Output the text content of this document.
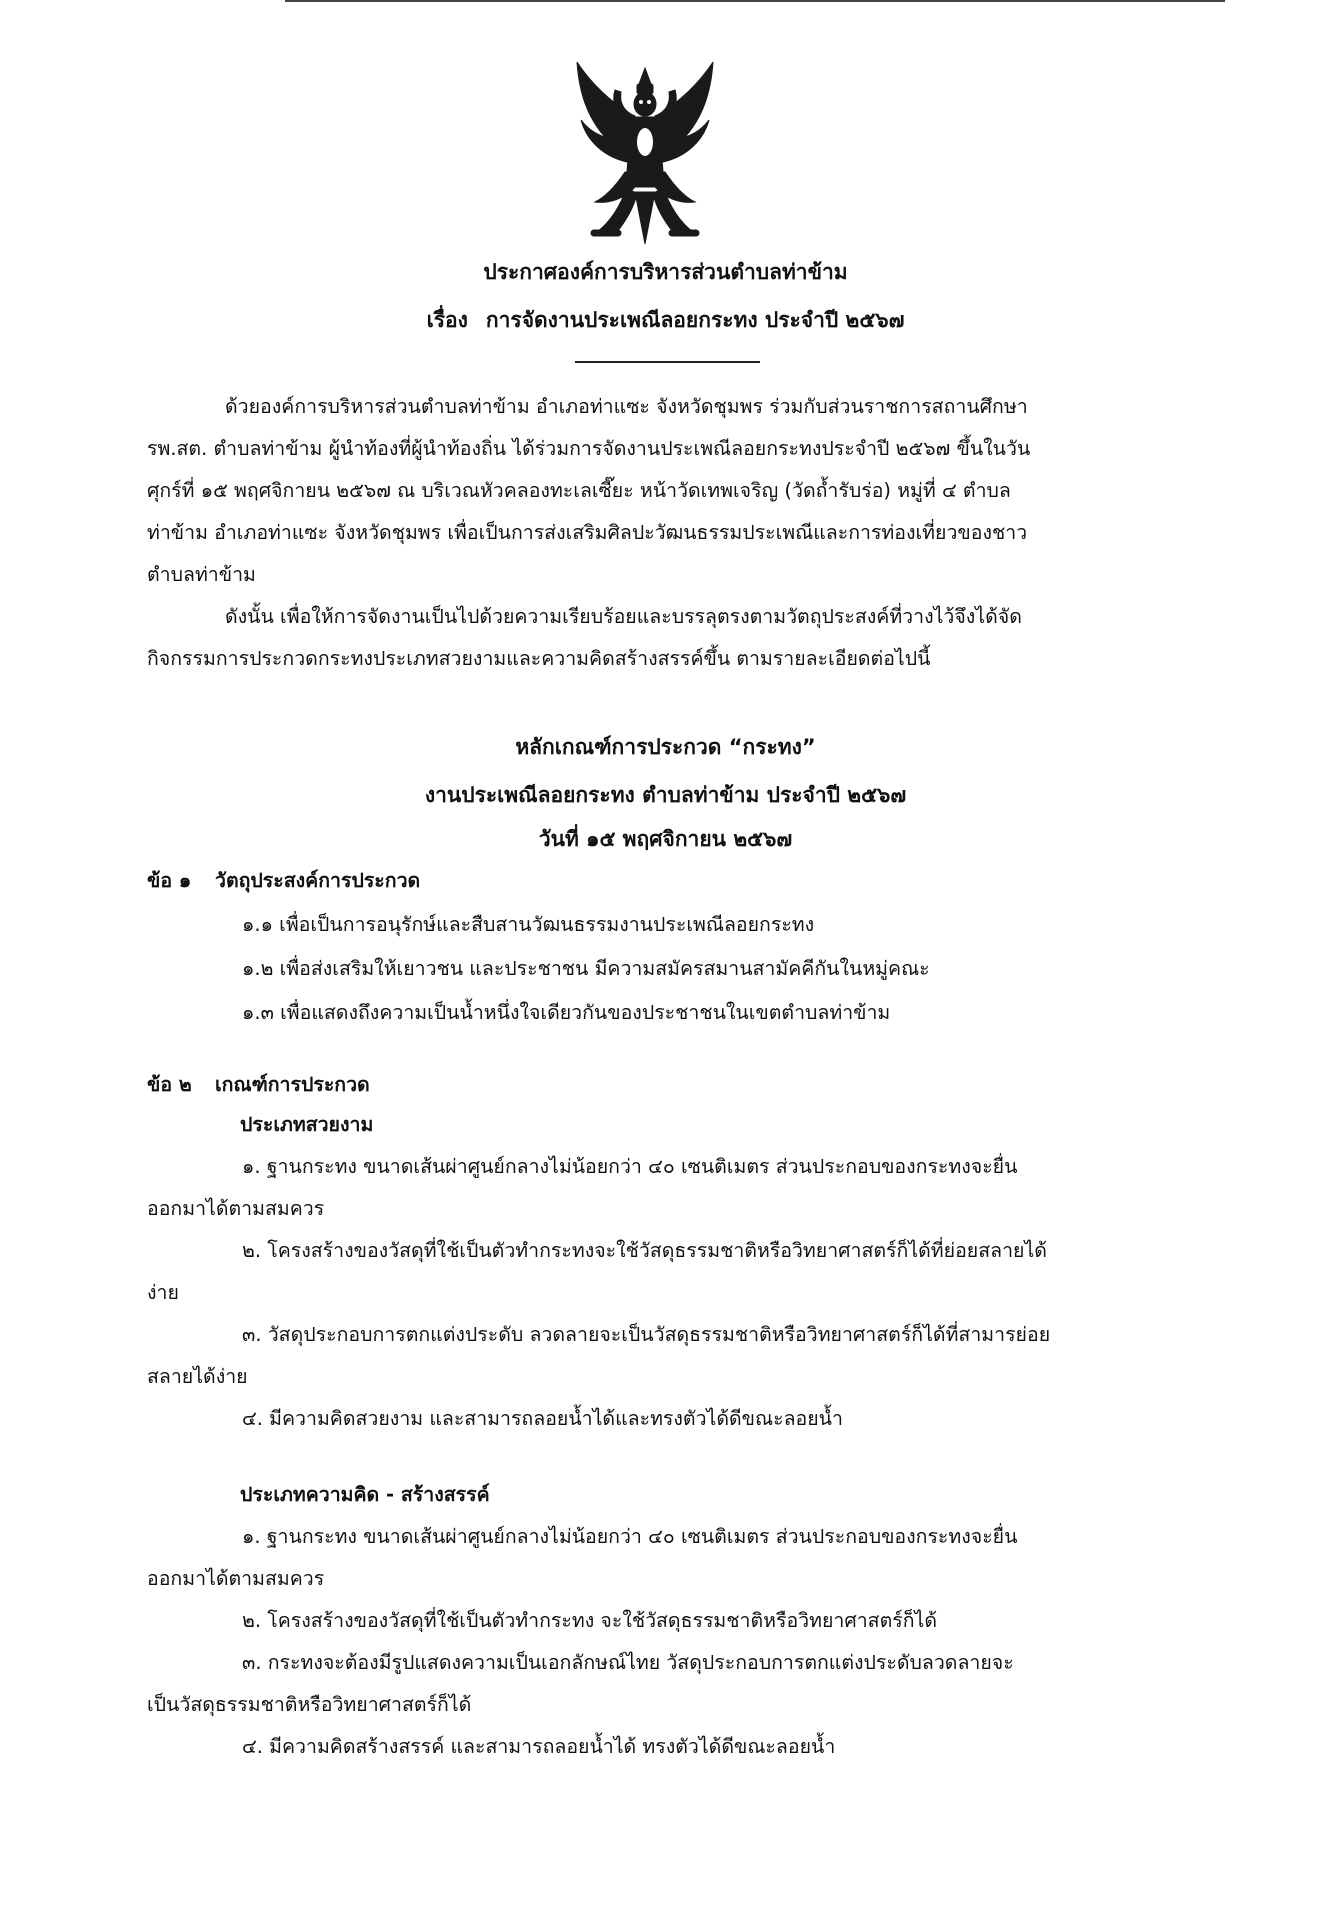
ประกาศองค์การบริหารส่วนตำบลท่าข้าม
เรื่อง การจัดงานประเพณีลอยกระทง ประจำปี ๒๕๖๗
ด้วยองค์การบริหารส่วนตำบลท่าข้าม อำเภอท่าแซะ จังหวัดชุมพร ร่วมกับส่วนราชการสถานศึกษา
รพ.สต. ตำบลท่าข้าม ผู้นำท้องที่ผู้นำท้องถิ่น ได้ร่วมการจัดงานประเพณีลอยกระทงประจำปี ๒๕๖๗ ขึ้นในวัน
ศุกร์ที่ ๑๕ พฤศจิกายน ๒๕๖๗ ณ บริเวณหัวคลองทะเลเซี๊ยะ หน้าวัดเทพเจริญ (วัดถ้ำรับร่อ) หมู่ที่ ๔ ตำบล
ท่าข้าม อำเภอท่าแซะ จังหวัดชุมพร เพื่อเป็นการส่งเสริมศิลปะวัฒนธรรมประเพณีและการท่องเที่ยวของชาว
ตำบลท่าข้าม
ดังนั้น เพื่อให้การจัดงานเป็นไปด้วยความเรียบร้อยและบรรลุตรงตามวัตถุประสงค์ที่วางไว้จึงได้จัด
กิจกรรมการประกวดกระทงประเภทสวยงามและความคิดสร้างสรรค์ขึ้น ตามรายละเอียดต่อไปนี้
หลักเกณฑ์การประกวด “กระทง”
งานประเพณีลอยกระทง ตำบลท่าข้าม ประจำปี ๒๕๖๗
วันที่ ๑๕ พฤศจิกายน ๒๕๖๗
ข้อ ๑ วัตถุประสงค์การประกวด
๑.๑ เพื่อเป็นการอนุรักษ์และสืบสานวัฒนธรรมงานประเพณีลอยกระทง
๑.๒ เพื่อส่งเสริมให้เยาวชน และประชาชน มีความสมัครสมานสามัคคีกันในหมู่คณะ
๑.๓ เพื่อแสดงถึงความเป็นน้ำหนึ่งใจเดียวกันของประชาชนในเขตตำบลท่าข้าม
ข้อ ๒ เกณฑ์การประกวด
ประเภทสวยงาม
๑. ฐานกระทง ขนาดเส้นผ่าศูนย์กลางไม่น้อยกว่า ๔๐ เซนติเมตร ส่วนประกอบของกระทงจะยื่น
ออกมาได้ตามสมควร
๒. โครงสร้างของวัสดุที่ใช้เป็นตัวทำกระทงจะใช้วัสดุธรรมชาติหรือวิทยาศาสตร์ก็ได้ที่ย่อยสลายได้
ง่าย
๓. วัสดุประกอบการตกแต่งประดับ ลวดลายจะเป็นวัสดุธรรมชาติหรือวิทยาศาสตร์ก็ได้ที่สามารย่อย
สลายได้ง่าย
๔. มีความคิดสวยงาม และสามารถลอยน้ำได้และทรงตัวได้ดีขณะลอยน้ำ
ประเภทความคิด - สร้างสรรค์
๑. ฐานกระทง ขนาดเส้นผ่าศูนย์กลางไม่น้อยกว่า ๔๐ เซนติเมตร ส่วนประกอบของกระทงจะยื่น
ออกมาได้ตามสมควร
๒. โครงสร้างของวัสดุที่ใช้เป็นตัวทำกระทง จะใช้วัสดุธรรมชาติหรือวิทยาศาสตร์ก็ได้
๓. กระทงจะต้องมีรูปแสดงความเป็นเอกลักษณ์ไทย วัสดุประกอบการตกแต่งประดับลวดลายจะ
เป็นวัสดุธรรมชาติหรือวิทยาศาสตร์ก็ได้
๔. มีความคิดสร้างสรรค์ และสามารถลอยน้ำได้ ทรงตัวได้ดีขณะลอยน้ำ
